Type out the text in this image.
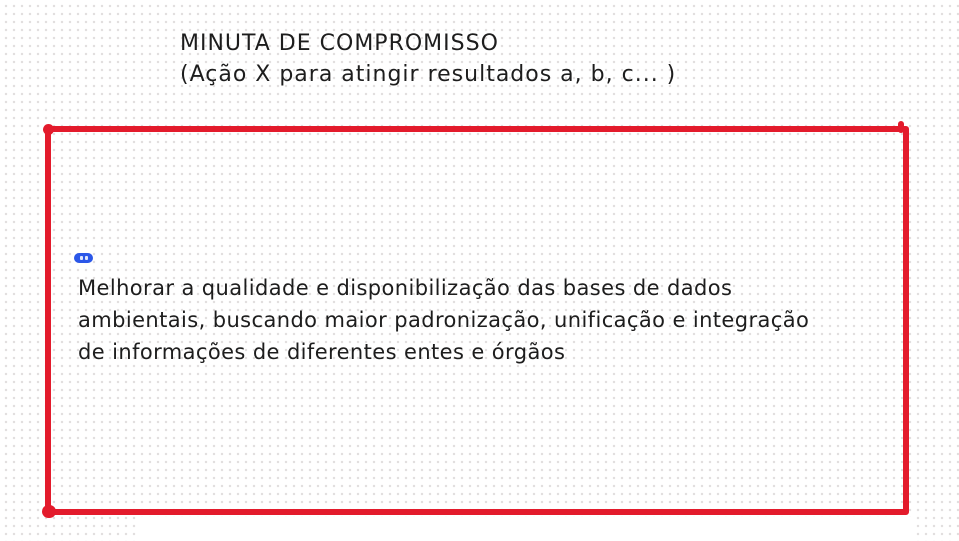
MINUTA DE COMPROMISSO
(Ação X para atingir resultados a, b, c... )
Melhorar a qualidade e disponibilização das bases de dados
ambientais, buscando maior padronização, unificação e integração
de informações de diferentes entes e órgãos
